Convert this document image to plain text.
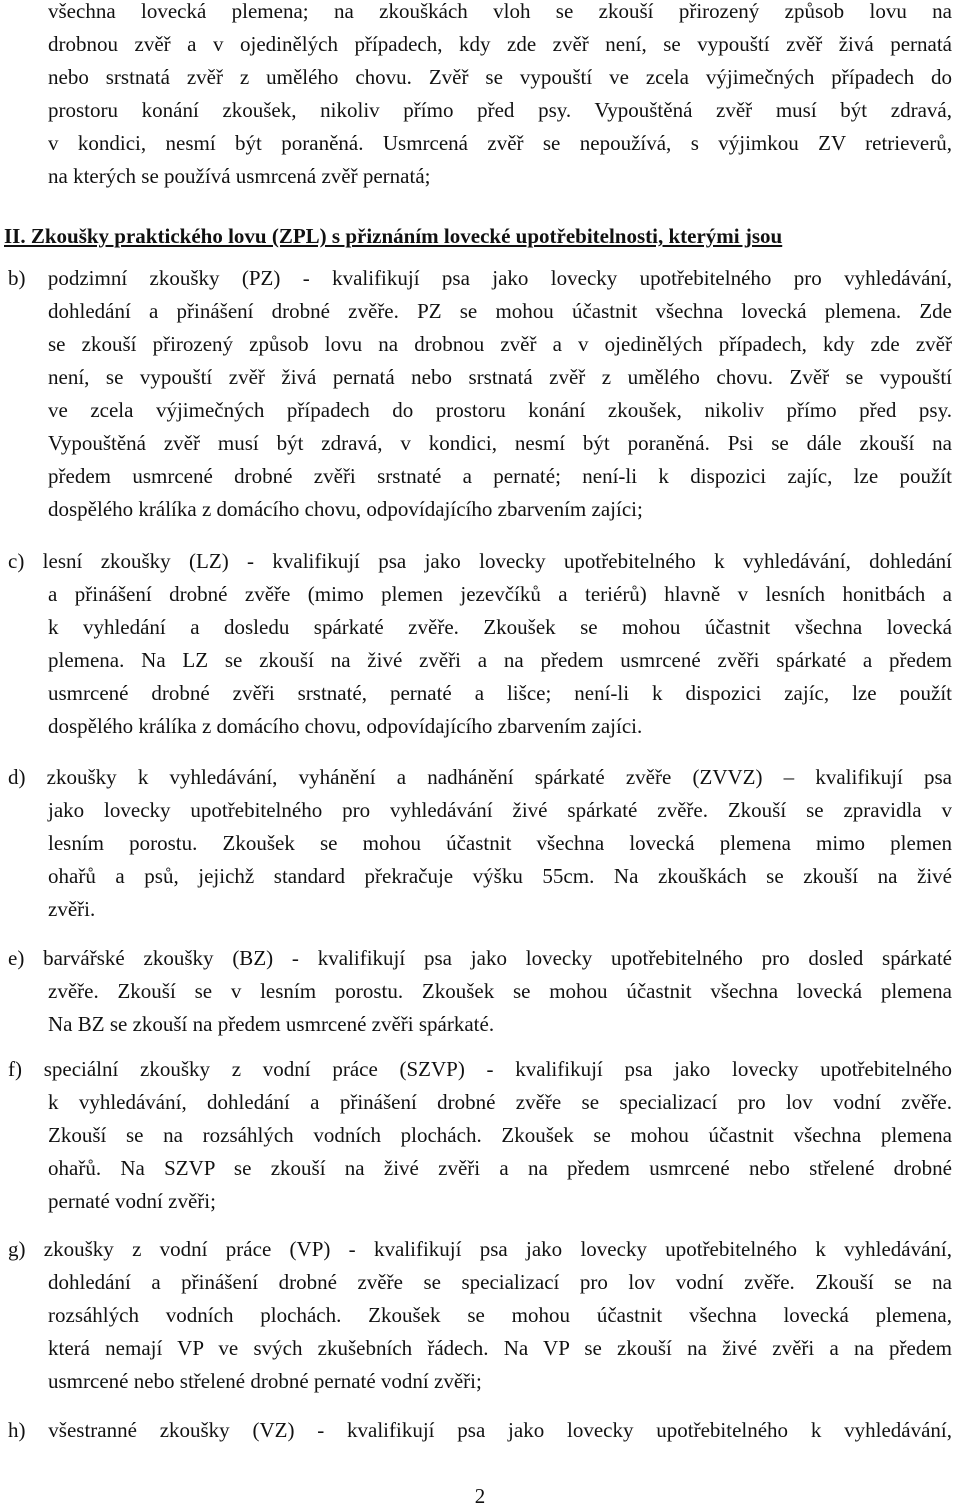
všechna lovecká plemena; na zkouškách vloh se zkouší přirozený způsob lovu na
drobnou zvěř a v ojedinělých případech, kdy zde zvěř není, se vypouští zvěř živá pernatá
nebo srstnatá zvěř z umělého chovu. Zvěř se vypouští ve zcela výjimečných případech do
prostoru konání zkoušek, nikoliv přímo před psy. Vypouštěná zvěř musí být zdravá,
v kondici, nesmí být poraněná. Usmrcená zvěř se nepoužívá, s výjimkou ZV retrieverů,
na kterých se používá usmrcená zvěř pernatá;
II. Zkoušky praktického lovu (ZPL) s přiznáním lovecké upotřebitelnosti, kterými jsou
b) podzimní zkoušky (PZ) - kvalifikují psa jako lovecky upotřebitelného pro vyhledávání,
dohledání a přinášení drobné zvěře. PZ se mohou účastnit všechna lovecká plemena. Zde
se zkouší přirozený způsob lovu na drobnou zvěř a v ojedinělých případech, kdy zde zvěř
není, se vypouští zvěř živá pernatá nebo srstnatá zvěř z umělého chovu. Zvěř se vypouští
ve zcela výjimečných případech do prostoru konání zkoušek, nikoliv přímo před psy.
Vypouštěná zvěř musí být zdravá, v kondici, nesmí být poraněná. Psi se dále zkouší na
předem usmrcené drobné zvěři srstnaté a pernaté; není-li k dispozici zajíc, lze použít
dospělého králíka z domácího chovu, odpovídajícího zbarvením zajíci;
c) lesní zkoušky (LZ) - kvalifikují psa jako lovecky upotřebitelného k vyhledávání, dohledání
a přinášení drobné zvěře (mimo plemen jezevčíků a teriérů) hlavně v lesních honitbách a
k vyhledání a dosledu spárkaté zvěře. Zkoušek se mohou účastnit všechna lovecká
plemena. Na LZ se zkouší na živé zvěři a na předem usmrcené zvěři spárkaté a předem
usmrcené drobné zvěři srstnaté, pernaté a lišce; není-li k dispozici zajíc, lze použít
dospělého králíka z domácího chovu, odpovídajícího zbarvením zajíci.
d) zkoušky k vyhledávání, vyhánění a nadhánění spárkaté zvěře (ZVVZ) – kvalifikují psa
jako lovecky upotřebitelného pro vyhledávání živé spárkaté zvěře. Zkouší se zpravidla v
lesním porostu. Zkoušek se mohou účastnit všechna lovecká plemena mimo plemen
ohařů a psů, jejichž standard překračuje výšku 55cm. Na zkouškách se zkouší na živé
zvěři.
e) barvářské zkoušky (BZ) - kvalifikují psa jako lovecky upotřebitelného pro dosled spárkaté
zvěře. Zkouší se v lesním porostu. Zkoušek se mohou účastnit všechna lovecká plemena
Na BZ se zkouší na předem usmrcené zvěři spárkaté.
f) speciální zkoušky z vodní práce (SZVP) - kvalifikují psa jako lovecky upotřebitelného
k vyhledávání, dohledání a přinášení drobné zvěře se specializací pro lov vodní zvěře.
Zkouší se na rozsáhlých vodních plochách. Zkoušek se mohou účastnit všechna plemena
ohařů. Na SZVP se zkouší na živé zvěři a na předem usmrcené nebo střelené drobné
pernaté vodní zvěři;
g) zkoušky z vodní práce (VP) - kvalifikují psa jako lovecky upotřebitelného k vyhledávání,
dohledání a přinášení drobné zvěře se specializací pro lov vodní zvěře. Zkouší se na
rozsáhlých vodních plochách. Zkoušek se mohou účastnit všechna lovecká plemena,
která nemají VP ve svých zkušebních řádech. Na VP se zkouší na živé zvěři a na předem
usmrcené nebo střelené drobné pernaté vodní zvěři;
h) všestranné zkoušky (VZ) - kvalifikují psa jako lovecky upotřebitelného k vyhledávání,
2
